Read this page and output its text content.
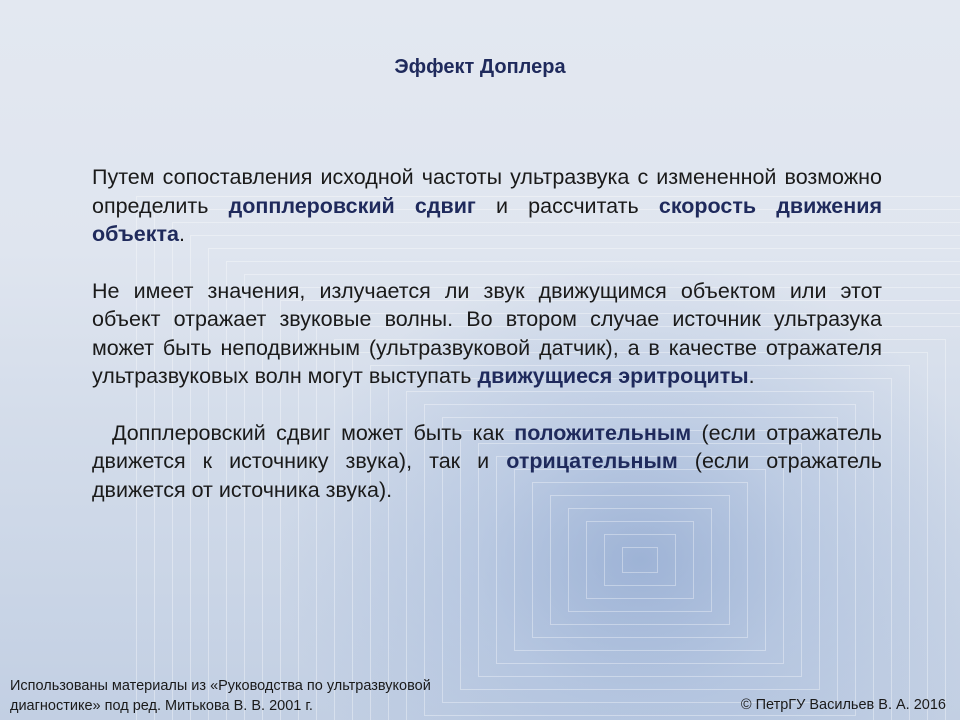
Эффект Доплера

Путем сопоставления исходной частоты ультразвука с измененной возможно определить допплеровский сдвиг и рассчитать скорость движения объекта.

Не имеет значения, излучается ли звук движущимся объектом или этот объект отражает звуковые волны. Во втором случае источник ультразука может быть неподвижным (ультразвуковой датчик), а в качестве отражателя ультразвуковых волн могут выступать движущиеся эритроциты.

Допплеровский сдвиг может быть как положительным (если отражатель движется к источнику звука), так и отрицательным (если отражатель движется от источника звука).

Использованы материалы из «Руководства по ультразвуковой
диагностике» под ред. Митькова В. В. 2001 г.	© ПетрГУ Васильев В. А. 2016
